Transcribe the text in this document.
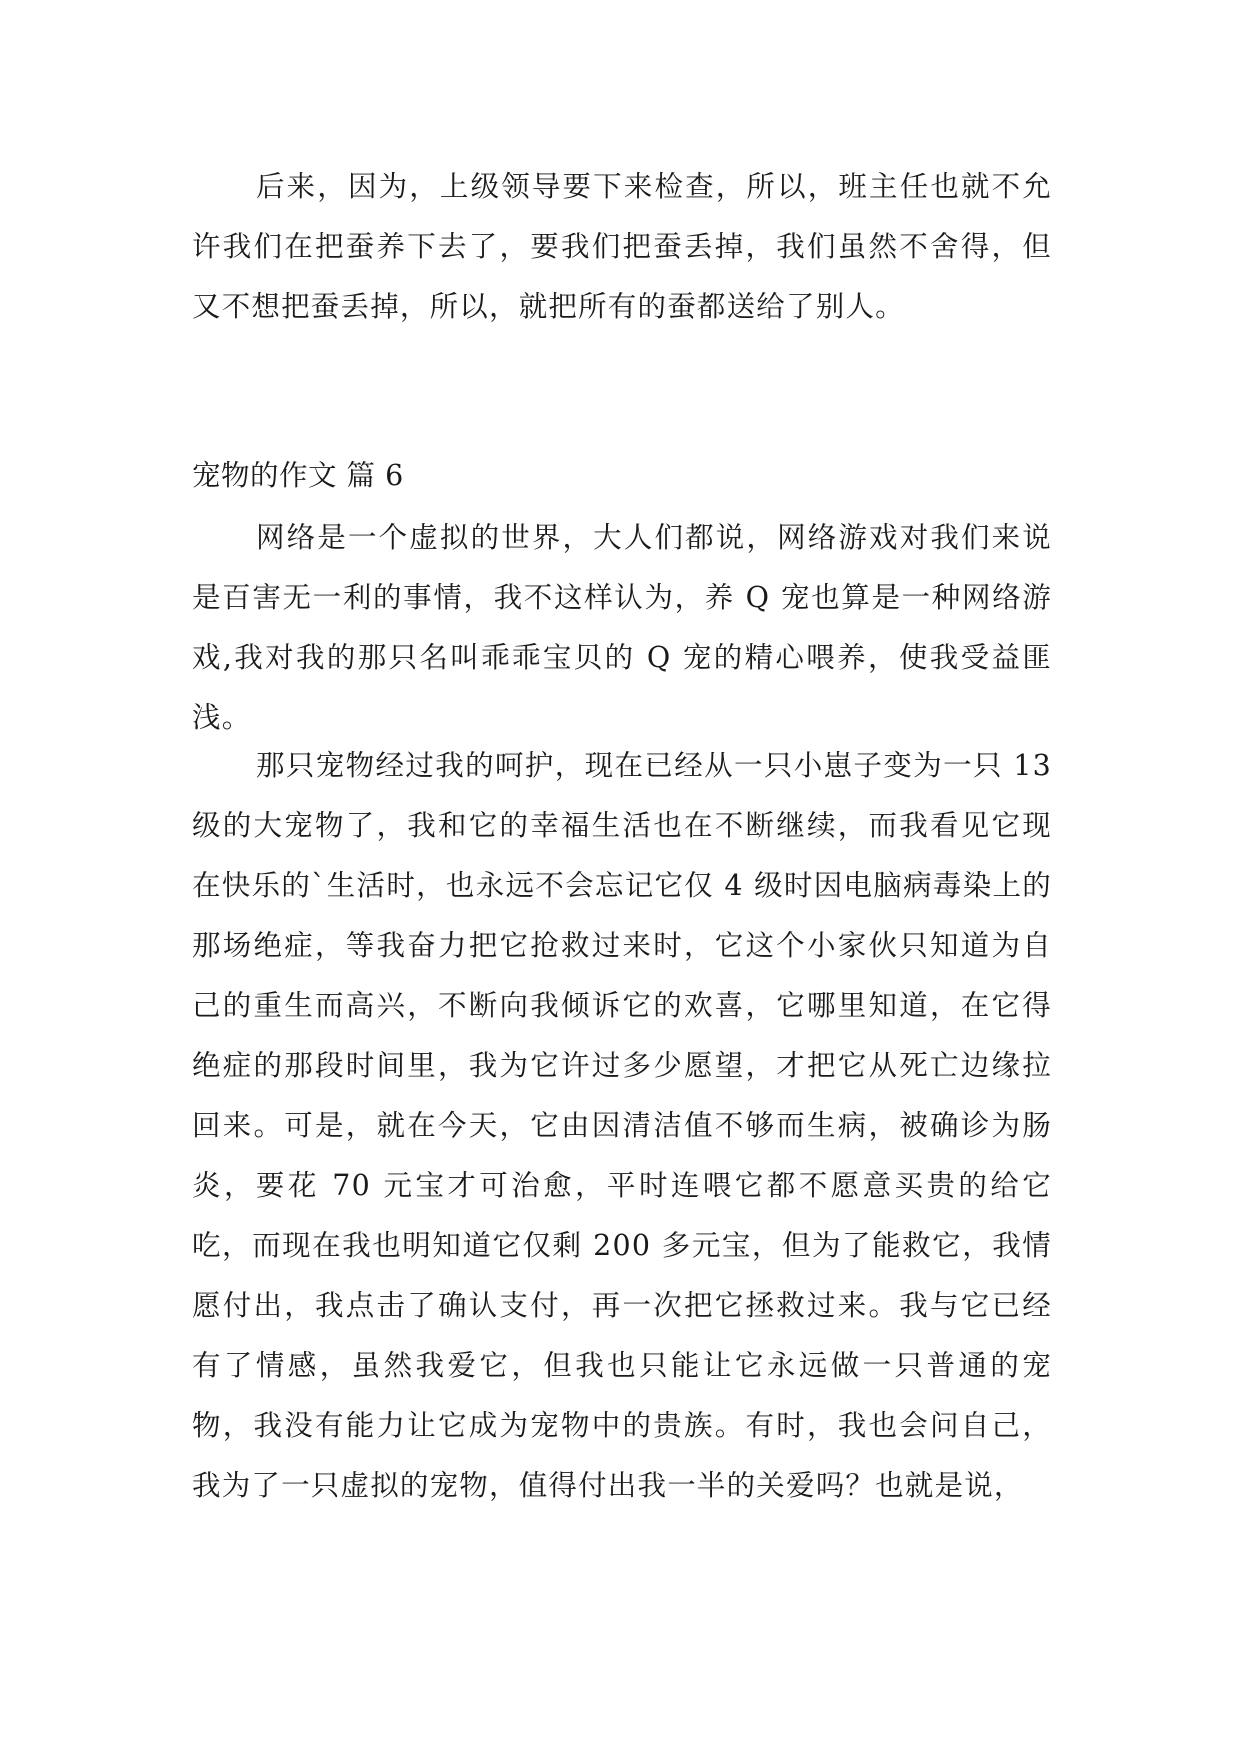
后来，因为，上级领导要下来检查，所以，班主任也就不允许我们在把蚕养下去了，要我们把蚕丢掉，我们虽然不舍得，但又不想把蚕丢掉，所以，就把所有的蚕都送给了别人。

宠物的作文 篇 6

网络是一个虚拟的世界，大人们都说，网络游戏对我们来说是百害无一利的事情，我不这样认为，养 Q 宠也算是一种网络游戏,我对我的那只名叫乖乖宝贝的 Q 宠的精心喂养，使我受益匪浅。

那只宠物经过我的呵护，现在已经从一只小崽子变为一只 13 级的大宠物了，我和它的幸福生活也在不断继续，而我看见它现在快乐的`生活时，也永远不会忘记它仅 4 级时因电脑病毒染上的那场绝症，等我奋力把它抢救过来时，它这个小家伙只知道为自己的重生而高兴，不断向我倾诉它的欢喜，它哪里知道，在它得绝症的那段时间里，我为它许过多少愿望，才把它从死亡边缘拉回来。可是，就在今天，它由因清洁值不够而生病，被确诊为肠炎，要花 70 元宝才可治愈，平时连喂它都不愿意买贵的给它吃，而现在我也明知道它仅剩 200 多元宝，但为了能救它，我情愿付出，我点击了确认支付，再一次把它拯救过来。我与它已经有了情感，虽然我爱它，但我也只能让它永远做一只普通的宠物，我没有能力让它成为宠物中的贵族。有时，我也会问自己，我为了一只虚拟的宠物，值得付出我一半的关爱吗？也就是说，
